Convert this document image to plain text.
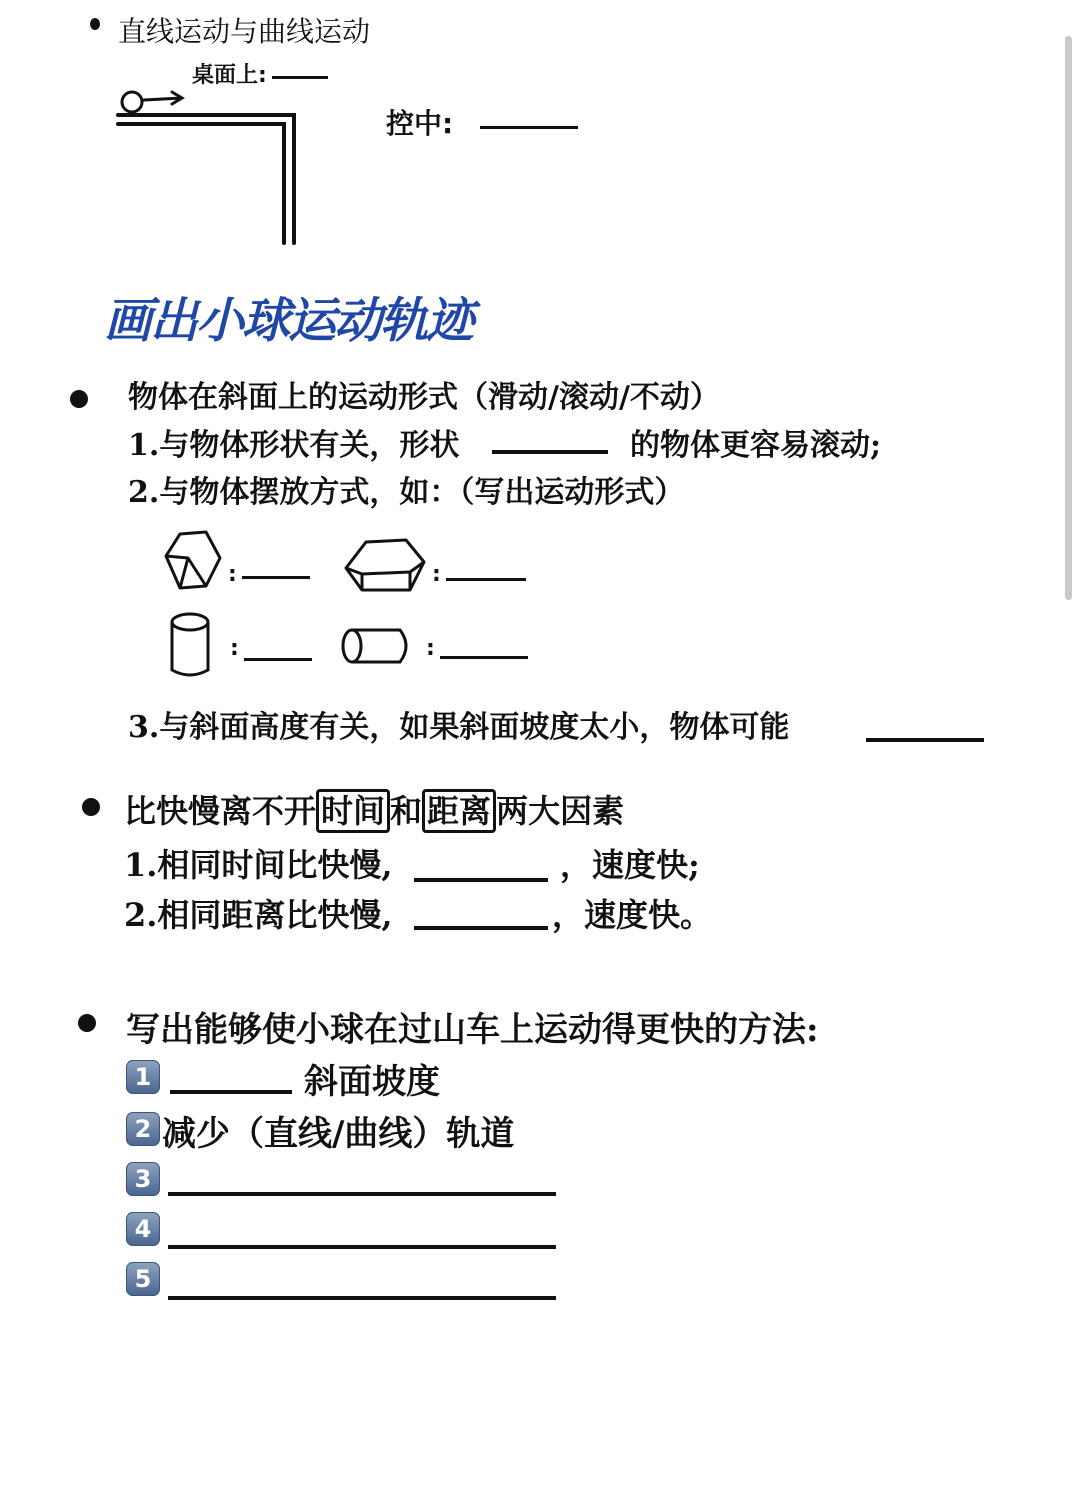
直线运动与曲线运动
桌面上:
控中:
画出小球运动轨迹
物体在斜面上的运动形式（滑动/滚动/不动）
1.与物体形状有关，形状	的物体更容易滚动;
2.与物体摆放方式，如：（写出运动形式）
:	:
:	:
3.与斜面高度有关，如果斜面坡度太小，物体可能
比快慢离不开 时间 和 距离 两大因素
1.相同时间比快慢,	，速度快;
2.相同距离比快慢,	，速度快。
写出能够使小球在过山车上运动得更快的方法:
1	斜面坡度
2 减少（直线/曲线）轨道
3
4
5
